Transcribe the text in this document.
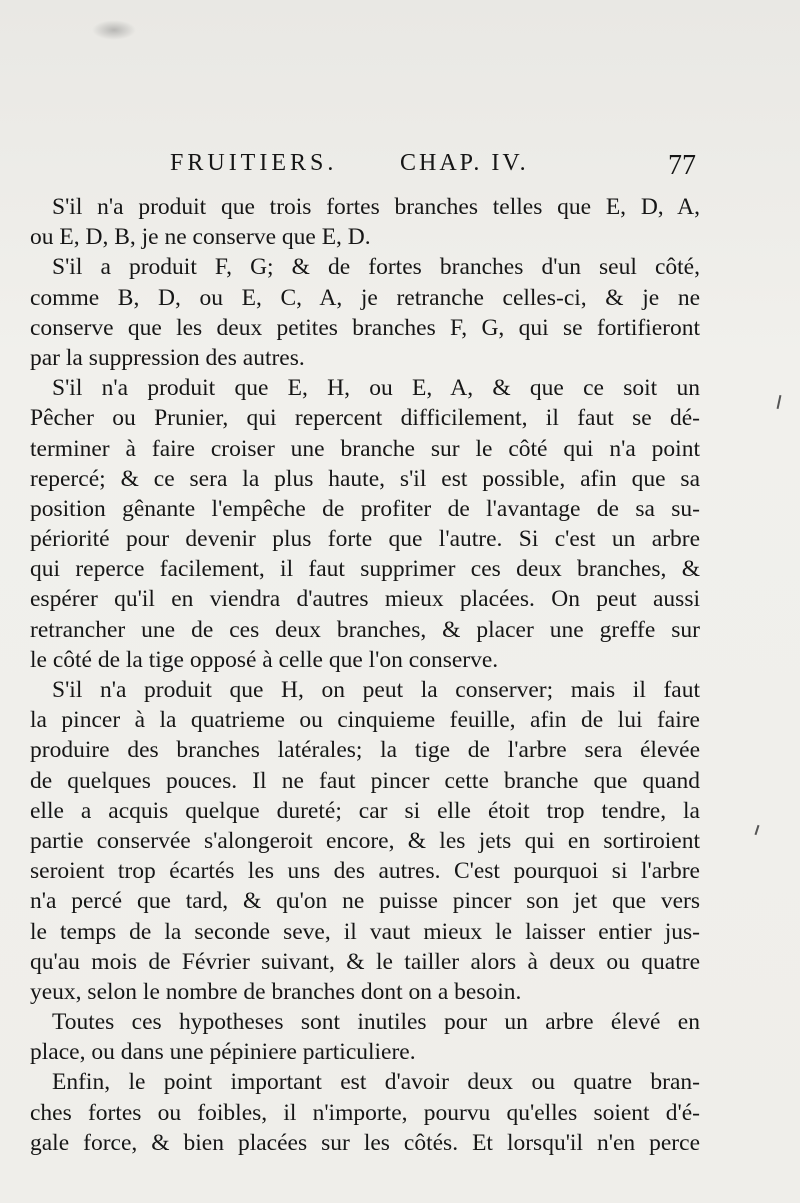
FRUITIERS.	CHAP. IV.	77
S'il n'a produit que trois fortes branches telles que E, D, A,
ou E, D, B, je ne conserve que E, D.
S'il a produit F, G; & de fortes branches d'un seul côté,
comme B, D, ou E, C, A, je retranche celles-ci, & je ne
conserve que les deux petites branches F, G, qui se fortifieront
par la suppression des autres.
S'il n'a produit que E, H, ou E, A, & que ce soit un
Pêcher ou Prunier, qui repercent difficilement, il faut se dé-
terminer à faire croiser une branche sur le côté qui n'a point
repercé; & ce sera la plus haute, s'il est possible, afin que sa
position gênante l'empêche de profiter de l'avantage de sa su-
périorité pour devenir plus forte que l'autre. Si c'est un arbre
qui reperce facilement, il faut supprimer ces deux branches, &
espérer qu'il en viendra d'autres mieux placées. On peut aussi
retrancher une de ces deux branches, & placer une greffe sur
le côté de la tige opposé à celle que l'on conserve.
S'il n'a produit que H, on peut la conserver; mais il faut
la pincer à la quatrieme ou cinquieme feuille, afin de lui faire
produire des branches latérales; la tige de l'arbre sera élevée
de quelques pouces. Il ne faut pincer cette branche que quand
elle a acquis quelque dureté; car si elle étoit trop tendre, la
partie conservée s'alongeroit encore, & les jets qui en sortiroient
seroient trop écartés les uns des autres. C'est pourquoi si l'arbre
n'a percé que tard, & qu'on ne puisse pincer son jet que vers
le temps de la seconde seve, il vaut mieux le laisser entier jus-
qu'au mois de Février suivant, & le tailler alors à deux ou quatre
yeux, selon le nombre de branches dont on a besoin.
Toutes ces hypotheses sont inutiles pour un arbre élevé en
place, ou dans une pépiniere particuliere.
Enfin, le point important est d'avoir deux ou quatre bran-
ches fortes ou foibles, il n'importe, pourvu qu'elles soient d'é-
gale force, & bien placées sur les côtés. Et lorsqu'il n'en perce
